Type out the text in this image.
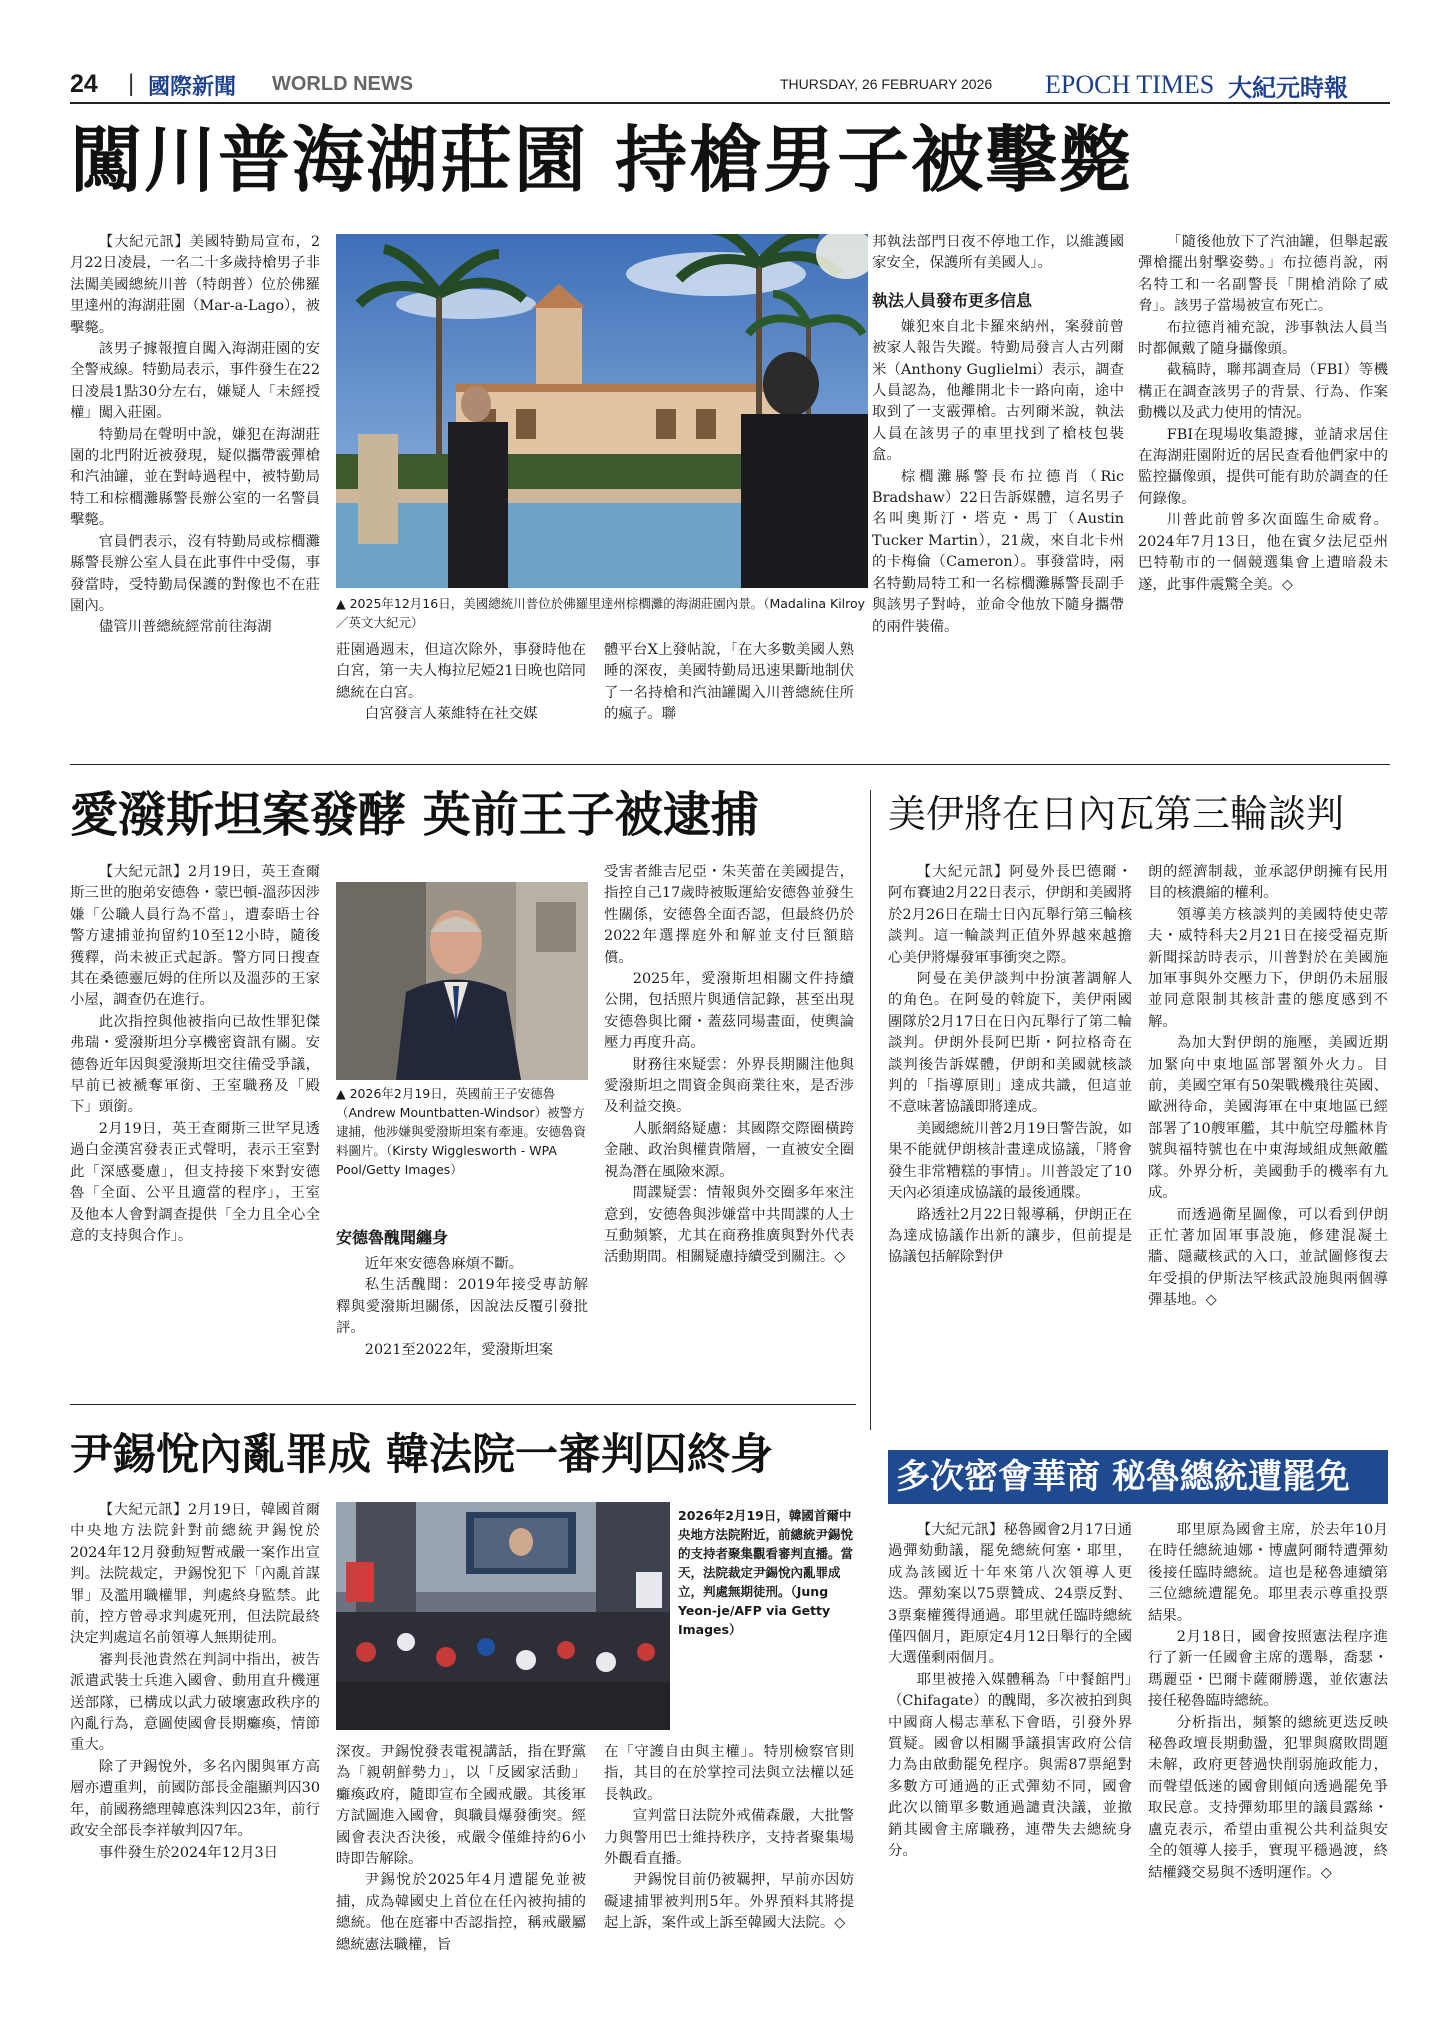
24 | 國際新聞 WORLD NEWS	THURSDAY, 26 FEBRUARY 2026 EPOCH TIMES 大紀元時報
闖川普海湖莊園 持槍男子被擊斃

【大紀元訊】美國特勤局宣布，2月22日凌晨，一名二十多歲持槍男子非法闖美國總統川普（特朗普）位於佛羅里達州的海湖莊園（Mar-a-Lago），被擊斃。

該男子據報擅自闖入海湖莊園的安全警戒線。特勤局表示，事件發生在22日凌晨1點30分左右，嫌疑人「未經授權」闖入莊園。

特勤局在聲明中說，嫌犯在海湖莊園的北門附近被發現，疑似攜帶霰彈槍和汽油罐，並在對峙過程中，被特勤局特工和棕櫚灘縣警長辦公室的一名警員擊斃。

官員們表示，沒有特勤局或棕櫚灘縣警長辦公室人員在此事件中受傷，事發當時，受特勤局保護的對像也不在莊園內。

儘管川普總統經常前往海湖

▲ 2025年12月16日，美國總統川普位於佛羅里達州棕櫚灘的海湖莊園內景。（Madalina Kilroy／英文大紀元）

莊園過週末，但這次除外，事發時他在白宮，第一夫人梅拉尼婭21日晚也陪同總統在白宮。

白宮發言人萊維特在社交媒

體平台X上發帖說，「在大多數美國人熟睡的深夜，美國特勤局迅速果斷地制伏了一名持槍和汽油罐闖入川普總統住所的瘋子。聯

邦執法部門日夜不停地工作，以維護國家安全，保護所有美國人」。

執法人員發布更多信息

嫌犯來自北卡羅來納州，案發前曾被家人報告失蹤。特勤局發言人古列爾米（Anthony Guglielmi）表示，調查人員認為，他離開北卡一路向南，途中取到了一支霰彈槍。古列爾米說，執法人員在該男子的車里找到了槍枝包裝盒。

棕櫚灘縣警長布拉德肖（Ric Bradshaw）22日告訴媒體，這名男子名叫奧斯汀・塔克・馬丁（Austin Tucker Martin），21歲，來自北卡州的卡梅倫（Cameron）。事發當時，兩名特勤局特工和一名棕櫚灘縣警長副手與該男子對峙，並命令他放下隨身攜帶的兩件裝備。

「隨後他放下了汽油罐，但舉起霰彈槍擺出射擊姿勢。」布拉德肖說，兩名特工和一名副警長「開槍消除了威脅」。該男子當場被宣布死亡。

布拉德肖補充說，涉事執法人員当时都佩戴了隨身攝像頭。

截稿時，聯邦調查局（FBI）等機構正在調查該男子的背景、行為、作案動機以及武力使用的情況。

FBI在現場收集證據，並請求居住在海湖莊園附近的居民查看他們家中的監控攝像頭，提供可能有助於調查的任何錄像。

川普此前曾多次面臨生命威脅。2024年7月13日，他在賓夕法尼亞州巴特勒市的一個競選集會上遭暗殺未遂，此事件震驚全美。◇

愛潑斯坦案發酵 英前王子被逮捕

【大紀元訊】2月19日，英王查爾斯三世的胞弟安德魯・蒙巴頓-溫莎因涉嫌「公職人員行為不當」，遭泰晤士谷警方逮捕並拘留約10至12小時，隨後獲釋，尚未被正式起訴。警方同日搜查其在桑德靈厄姆的住所以及溫莎的王家小屋，調查仍在進行。

此次指控與他被指向已故性罪犯傑弗瑞・愛潑斯坦分享機密資訊有關。安德魯近年因與愛潑斯坦交往備受爭議，早前已被褫奪軍銜、王室職務及「殿下」頭銜。

2月19日，英王查爾斯三世罕見透過白金漢宮發表正式聲明，表示王室對此「深感憂慮」，但支持接下來對安德魯「全面、公平且適當的程序」，王室及他本人會對調查提供「全力且全心全意的支持與合作」。

▲ 2026年2月19日，英國前王子安德魯（Andrew Mountbatten-Windsor）被警方逮捕，他涉嫌與愛潑斯坦案有牽連。安德魯資料圖片。（Kirsty Wigglesworth - WPA Pool/Getty Images）
安德魯醜聞纏身

近年來安德魯麻煩不斷。

私生活醜聞：2019年接受專訪解釋與愛潑斯坦關係，因說法反覆引發批評。

2021至2022年，愛潑斯坦案

受害者維吉尼亞・朱芙蕾在美國提告，指控自己17歲時被販運給安德魯並發生性關係，安德魯全面否認，但最終仍於2022年選擇庭外和解並支付巨額賠償。

2025年，愛潑斯坦相關文件持續公開，包括照片與通信記錄，甚至出現安德魯與比爾・蓋茲同場畫面，使輿論壓力再度升高。

財務往來疑雲：外界長期關注他與愛潑斯坦之間資金與商業往來，是否涉及利益交換。

人脈網絡疑慮：其國際交際圈橫跨金融、政治與權貴階層，一直被安全圈視為潛在風險來源。

間諜疑雲：情報與外交圈多年來注意到，安德魯與涉嫌當中共間諜的人士互動頻繁，尤其在商務推廣與對外代表活動期間。相關疑慮持續受到關注。◇

美伊將在日內瓦第三輪談判

【大紀元訊】阿曼外長巴德爾・阿布賽迪2月22日表示，伊朗和美國將於2月26日在瑞士日內瓦舉行第三輪核談判。這一輪談判正值外界越來越擔心美伊將爆發軍事衝突之際。

阿曼在美伊談判中扮演著調解人的角色。在阿曼的斡旋下，美伊兩國團隊於2月17日在日內瓦舉行了第二輪談判。伊朗外長阿巴斯・阿拉格奇在談判後告訴媒體，伊朗和美國就核談判的「指導原則」達成共識，但這並不意味著協議即將達成。

美國總統川普2月19日警告說，如果不能就伊朗核計畫達成協議，「將會發生非常糟糕的事情」。川普設定了10天內必須達成協議的最後通牒。

路透社2月22日報導稱，伊朗正在為達成協議作出新的讓步，但前提是協議包括解除對伊

朗的經濟制裁，並承認伊朗擁有民用目的核濃縮的權利。

領導美方核談判的美國特使史蒂夫・威特科夫2月21日在接受福克斯新聞採訪時表示，川普對於在美國施加軍事與外交壓力下，伊朗仍未屈服並同意限制其核計畫的態度感到不解。

為加大對伊朗的施壓，美國近期加緊向中東地區部署額外火力。目前，美國空軍有50架戰機飛往英國、歐洲待命，美國海軍在中東地區已經部署了10艘軍艦，其中航空母艦林肯號與福特號也在中東海域組成無敵艦隊。外界分析，美國動手的機率有九成。

而透過衛星圖像，可以看到伊朗正忙著加固軍事設施，修建混凝土牆、隱藏核武的入口，並試圖修復去年受損的伊斯法罕核武設施與兩個導彈基地。◇

尹錫悅內亂罪成 韓法院一審判囚終身

【大紀元訊】2月19日，韓國首爾中央地方法院針對前總統尹錫悅於2024年12月發動短暫戒嚴一案作出宣判。法院裁定，尹錫悅犯下「內亂首謀罪」及濫用職權罪，判處終身監禁。此前，控方曾尋求判處死刑，但法院最終決定判處這名前領導人無期徒刑。

審判長池貴然在判詞中指出，被告派遣武裝士兵進入國會、動用直升機運送部隊，已構成以武力破壞憲政秩序的內亂行為，意圖使國會長期癱瘓，情節重大。

除了尹錫悅外，多名內閣與軍方高層亦遭重判，前國防部長金龍顯判囚30年，前國務總理韓悳洙判囚23年，前行政安全部長李祥敏判囚7年。

事件發生於2024年12月3日

2026年2月19日，韓國首爾中央地方法院附近，前總統尹錫悅的支持者聚集觀看審判直播。當天，法院裁定尹錫悅內亂罪成立，判處無期徒刑。（Jung Yeon-je/AFP via Getty Images）

深夜。尹錫悅發表電視講話，指在野黨為「親朝鮮勢力」，以「反國家活動」癱瘓政府，隨即宣布全國戒嚴。其後軍方試圖進入國會，與職員爆發衝突。經國會表決否決後，戒嚴令僅維持約6小時即告解除。

尹錫悅於2025年4月遭罷免並被捕，成為韓國史上首位在任內被拘捕的總統。他在庭審中否認指控，稱戒嚴屬總統憲法職權，旨

在「守護自由與主權」。特別檢察官則指，其目的在於掌控司法與立法權以延長執政。

宣判當日法院外戒備森嚴，大批警力與警用巴士維持秩序，支持者聚集場外觀看直播。

尹錫悅目前仍被羈押，早前亦因妨礙逮捕罪被判刑5年。外界預料其將提起上訴，案件或上訴至韓國大法院。◇

多次密會華商 秘魯總統遭罷免

【大紀元訊】秘魯國會2月17日通過彈劾動議，罷免總統何塞・耶里，成為該國近十年來第八次領導人更迭。彈劾案以75票贊成、24票反對、3票棄權獲得通過。耶里就任臨時總統僅四個月，距原定4月12日舉行的全國大選僅剩兩個月。

耶里被捲入媒體稱為「中餐館門」（Chifagate）的醜聞，多次被拍到與中國商人楊志華私下會晤，引發外界質疑。國會以相關爭議損害政府公信力為由啟動罷免程序。與需87票絕對多數方可通過的正式彈劾不同，國會此次以簡單多數通過譴責決議，並撤銷其國會主席職務，連帶失去總統身分。

耶里原為國會主席，於去年10月在時任總統迪娜・博盧阿爾特遭彈劾後接任臨時總統。這也是秘魯連續第三位總統遭罷免。耶里表示尊重投票結果。

2月18日，國會按照憲法程序進行了新一任國會主席的選舉，喬瑟・瑪麗亞・巴爾卡薩爾勝選，並依憲法接任秘魯臨時總統。

分析指出，頻繁的總統更迭反映秘魯政壇長期動盪，犯罪與腐敗問題未解，政府更替過快削弱施政能力，而聲望低迷的國會則傾向透過罷免爭取民意。支持彈劾耶里的議員露絲・盧克表示，希望由重視公共利益與安全的領導人接手，實現平穩過渡，終結權錢交易與不透明運作。◇
